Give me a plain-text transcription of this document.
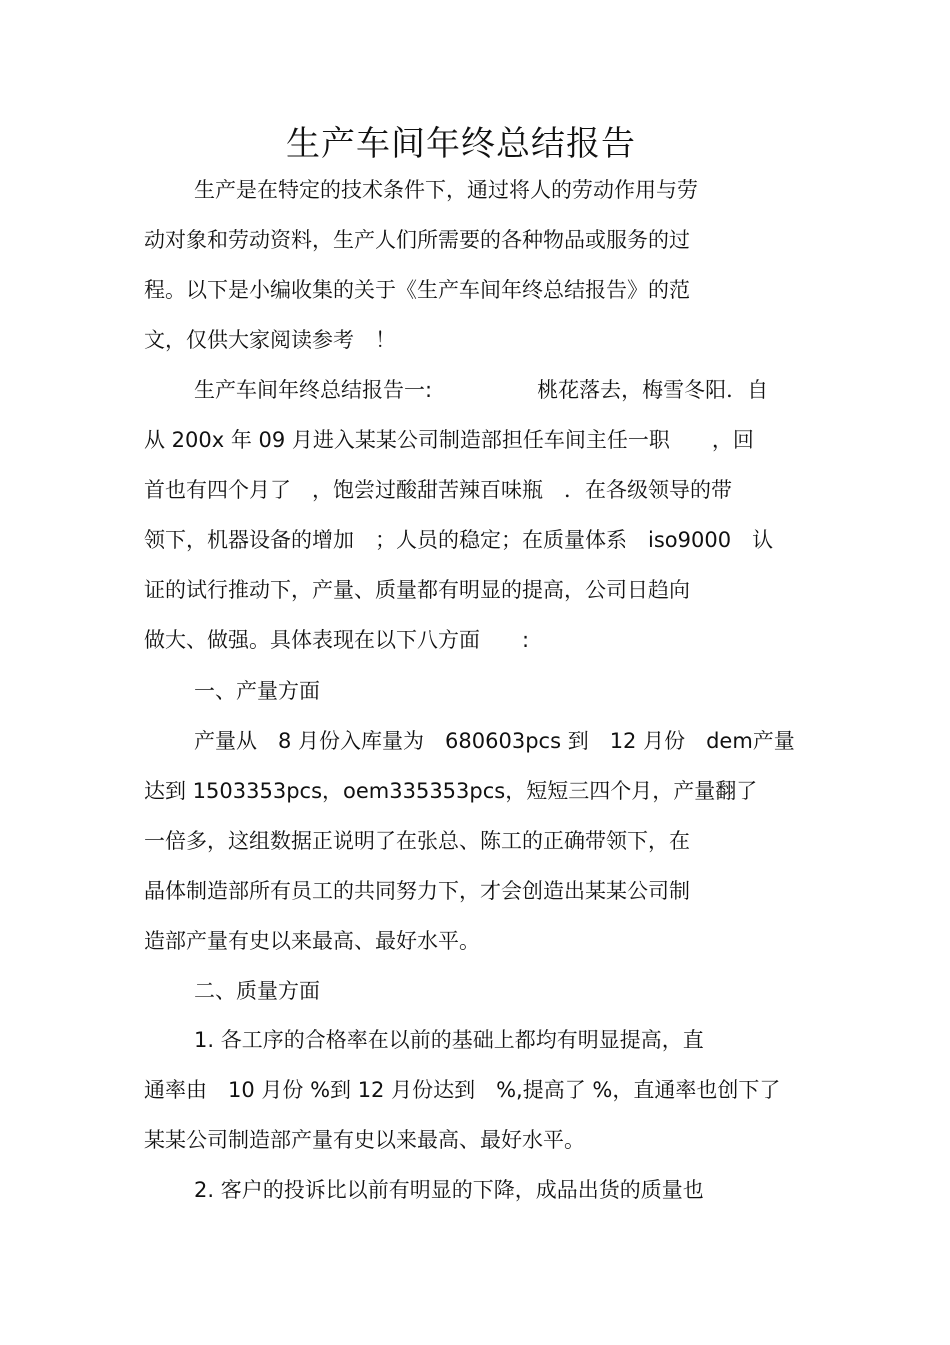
生产车间年终总结报告
生产是在特定的技术条件下，通过将人的劳动作用与劳
动对象和劳动资料，生产人们所需要的各种物品或服务的过
程。以下是小编收集的关于《生产车间年终总结报告》的范
文，仅供大家阅读参考　！
生产车间年终总结报告一:　　　　　桃花落去，梅雪冬阳．自
从 200x 年 09 月进入某某公司制造部担任车间主任一职　　，回
首也有四个月了　，饱尝过酸甜苦辣百味瓶　．在各级领导的带
领下，机器设备的增加　；人员的稳定；在质量体系　iso9000　认
证的试行推动下，产量、质量都有明显的提高，公司日趋向
做大、做强。具体表现在以下八方面　　:
一、产量方面
产量从　8 月份入库量为　680603pcs 到　12 月份　dem产量
达到 1503353pcs，oem335353pcs，短短三四个月，产量翻了
一倍多，这组数据正说明了在张总、陈工的正确带领下，在
晶体制造部所有员工的共同努力下，才会创造出某某公司制
造部产量有史以来最高、最好水平。
二、质量方面
1. 各工序的合格率在以前的基础上都均有明显提高，直
通率由　10 月份 %到 12 月份达到　%,提高了 %，直通率也创下了
某某公司制造部产量有史以来最高、最好水平。
2. 客户的投诉比以前有明显的下降，成品出货的质量也
